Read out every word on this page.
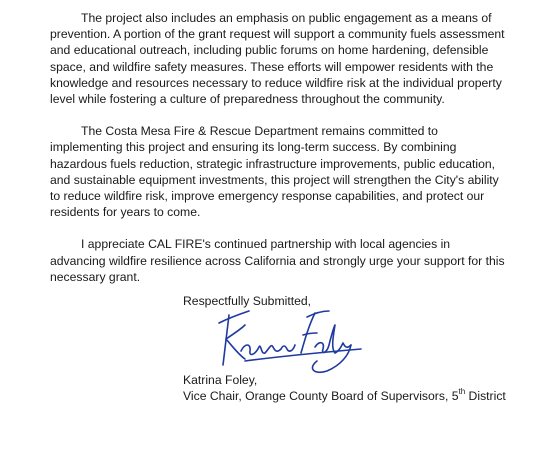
The project also includes an emphasis on public engagement as a means of prevention. A portion of the grant request will support a community fuels assessment and educational outreach, including public forums on home hardening, defensible space, and wildfire safety measures. These efforts will empower residents with the knowledge and resources necessary to reduce wildfire risk at the individual property level while fostering a culture of preparedness throughout the community.

The Costa Mesa Fire & Rescue Department remains committed to implementing this project and ensuring its long-term success. By combining hazardous fuels reduction, strategic infrastructure improvements, public education, and sustainable equipment investments, this project will strengthen the City's ability to reduce wildfire risk, improve emergency response capabilities, and protect our residents for years to come.

I appreciate CAL FIRE's continued partnership with local agencies in advancing wildfire resilience across California and strongly urge your support for this necessary grant.

Respectfully Submitted,
Katrina Foley,
Vice Chair, Orange County Board of Supervisors, 5th District
